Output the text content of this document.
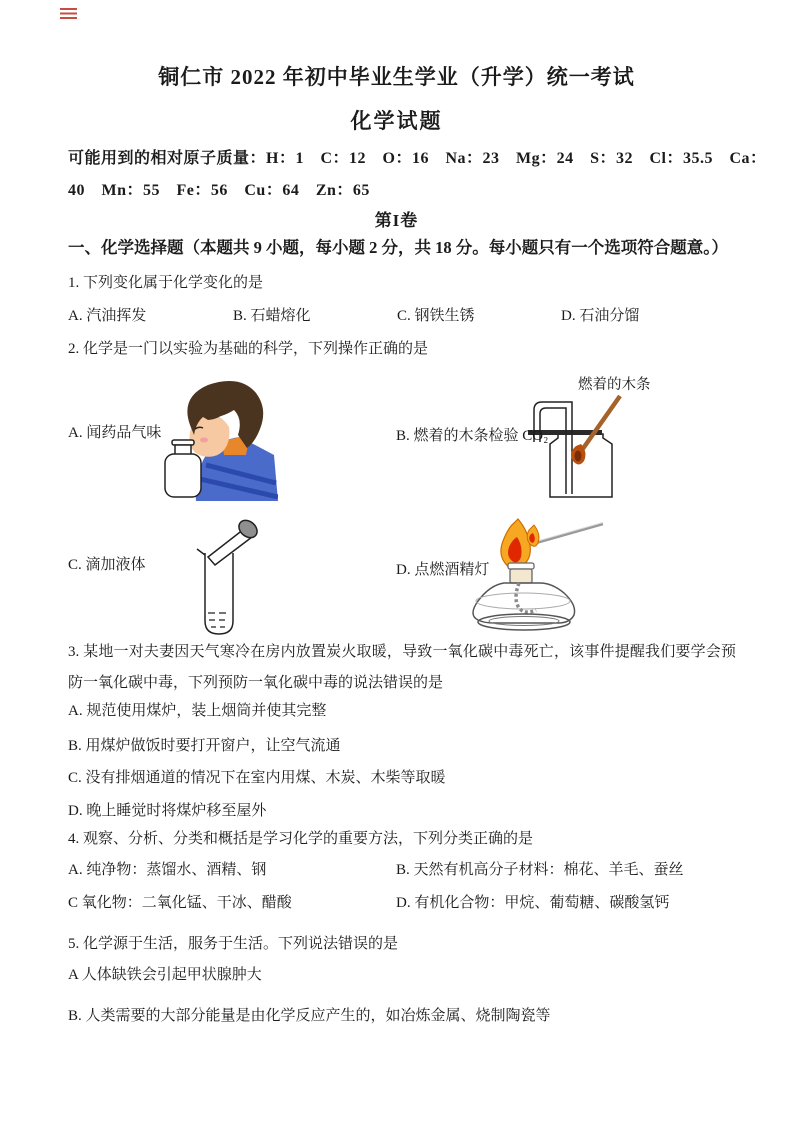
铜仁市 2022 年初中毕业生学业（升学）统一考试
化学试题
可能用到的相对原子质量：H：1　C：12　O：16　Na：23　Mg：24　S：32　Cl：35.5　Ca：
40　Mn：55　Fe：56　Cu：64　Zn：65
第I卷
一、化学选择题（本题共 9 小题，每小题 2 分，共 18 分。每小题只有一个选项符合题意。）
1. 下列变化属于化学变化的是
A. 汽油挥发	B. 石蜡熔化	C. 钢铁生锈	D. 石油分馏
2. 化学是一门以实验为基础的科学，下列操作正确的是
A. 闻药品气味
燃着的木条
B. 燃着的木条检验 CO₂
C. 滴加液体	D. 点燃酒精灯
3. 某地一对夫妻因天气寒冷在房内放置炭火取暖，导致一氧化碳中毒死亡，该事件提醒我们要学会预防一氧化碳中毒，下列预防一氧化碳中毒的说法错误的是
A. 规范使用煤炉，装上烟筒并使其完整
B. 用煤炉做饭时要打开窗户，让空气流通
C. 没有排烟通道的情况下在室内用煤、木炭、木柴等取暖
D. 晚上睡觉时将煤炉移至屋外
4. 观察、分析、分类和概括是学习化学的重要方法，下列分类正确的是
A. 纯净物：蒸馏水、酒精、钢	B. 天然有机高分子材料：棉花、羊毛、蚕丝
C 氧化物：二氧化锰、干冰、醋酸	D. 有机化合物：甲烷、葡萄糖、碳酸氢钙
5. 化学源于生活，服务于生活。下列说法错误的是
A 人体缺铁会引起甲状腺肿大
B. 人类需要的大部分能量是由化学反应产生的，如冶炼金属、烧制陶瓷等
